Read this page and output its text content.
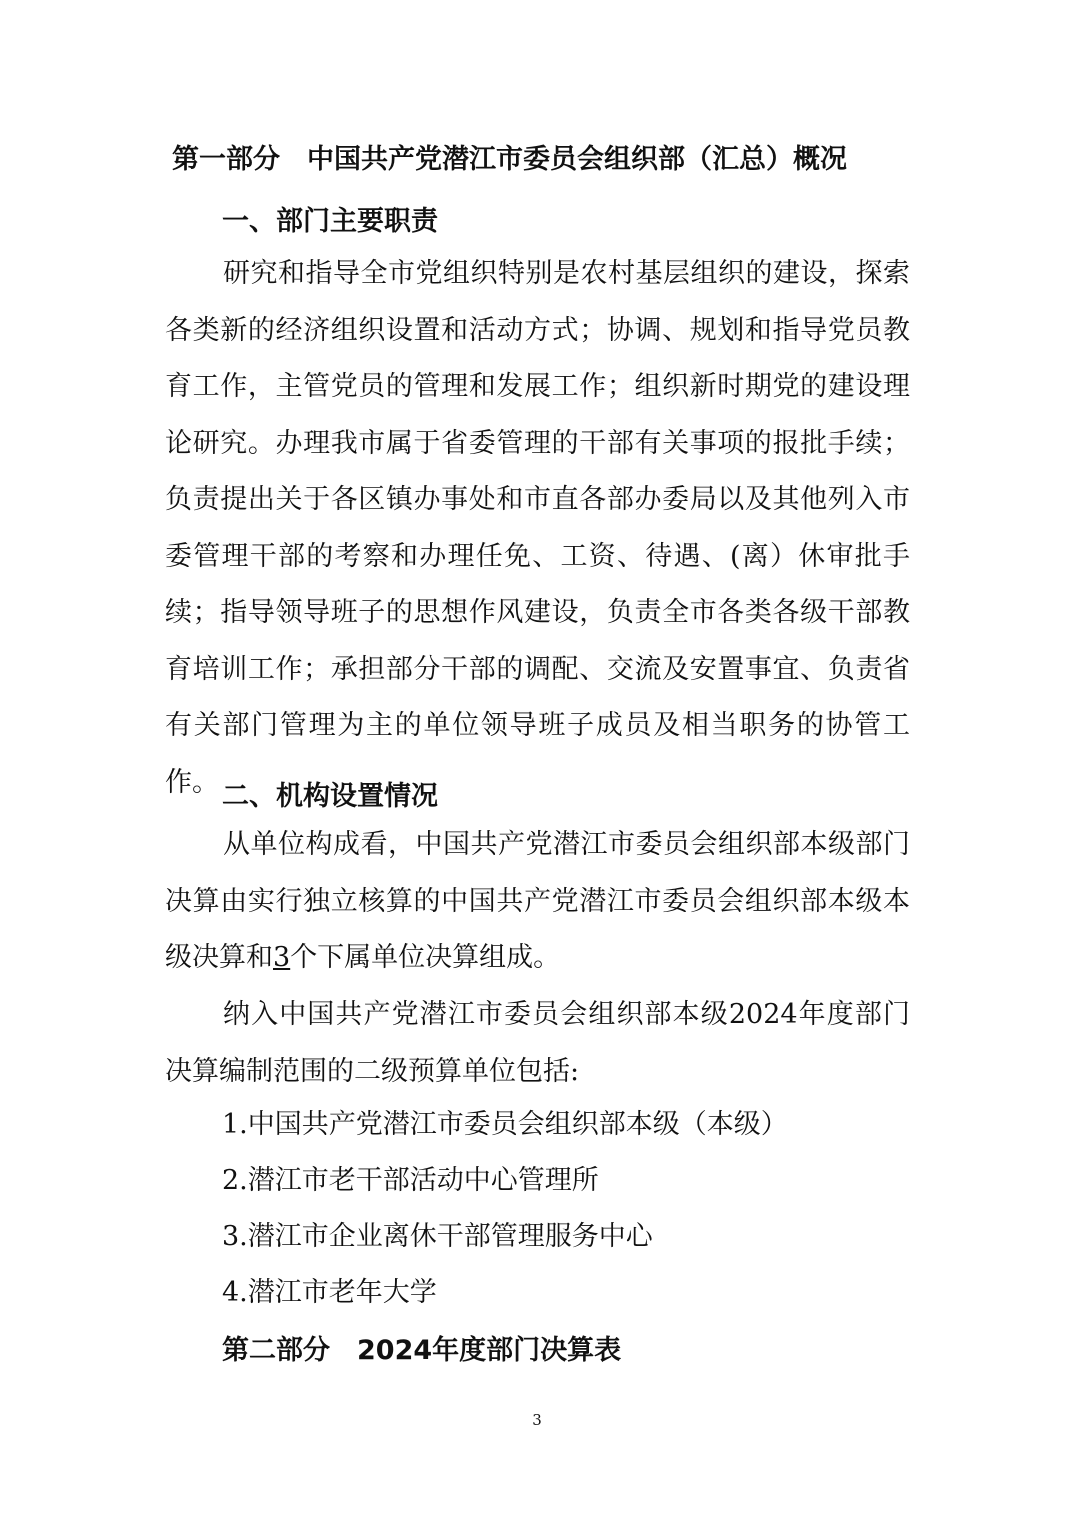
第一部分　中国共产党潜江市委员会组织部（汇总）概况
一、部门主要职责

研究和指导全市党组织特别是农村基层组织的建设，探索各类新的经济组织设置和活动方式；协调、规划和指导党员教育工作，主管党员的管理和发展工作；组织新时期党的建设理论研究。办理我市属于省委管理的干部有关事项的报批手续；负责提出关于各区镇办事处和市直各部办委局以及其他列入市委管理干部的考察和办理任免、工资、待遇、(离）休审批手续；指导领导班子的思想作风建设，负责全市各类各级干部教育培训工作；承担部分干部的调配、交流及安置事宜、负责省有关部门管理为主的单位领导班子成员及相当职务的协管工作。 二、机构设置情况

从单位构成看，中国共产党潜江市委员会组织部本级部门决算由实行独立核算的中国共产党潜江市委员会组织部本级本级决算和3个下属单位决算组成。

纳入中国共产党潜江市委员会组织部本级2024年度部门决算编制范围的二级预算单位包括:

1.中国共产党潜江市委员会组织部本级（本级）
2.潜江市老干部活动中心管理所
3.潜江市企业离休干部管理服务中心
4.潜江市老年大学
第二部分　2024年度部门决算表
3
